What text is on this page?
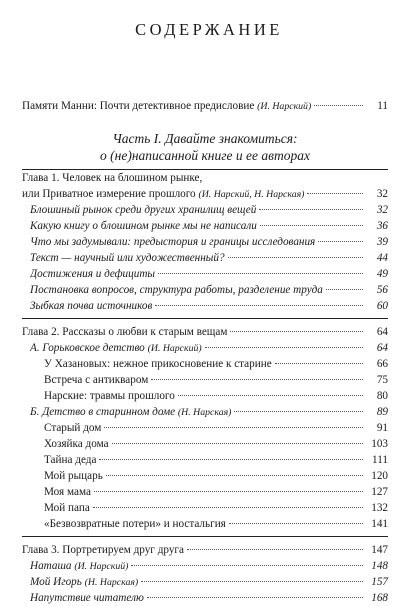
СОДЕРЖАНИЕ
Памяти Манни: Почти детективное предисловие (И. Нарский)	11
Часть I. Давайте знакомиться:
о (не)написанной книге и ее авторах
Глава 1. Человек на блошином рынке,
или Приватное измерение прошлого (И. Нарский, Н. Нарская)	32
Блошиный рынок среди других хранилищ вещей	32
Какую книгу о блошином рынке мы не написали	36
Что мы задумывали: предыстория и границы исследования	39
Текст — научный или художественный?	44
Достижения и дефициты	49
Постановка вопросов, структура работы, разделение труда	56
Зыбкая почва источников	60
Глава 2. Рассказы о любви к старым вещам	64
А. Горьковское детство (И. Нарский)	64
У Хазановых: нежное прикосновение к старине	66
Встреча с антикваром	75
Нарские: травмы прошлого	80
Б. Детство в старинном доме (Н. Нарская)	89
Старый дом	91
Хозяйка дома	103
Тайна деда	111
Мой рыцарь	120
Моя мама	127
Мой папа	132
«Безвозвратные потери» и ностальгия	141
Глава 3. Портретируем друг друга	147
Наташа (И. Нарский)	148
Мой Игорь (Н. Нарская)	157
Напутствие читателю	168
